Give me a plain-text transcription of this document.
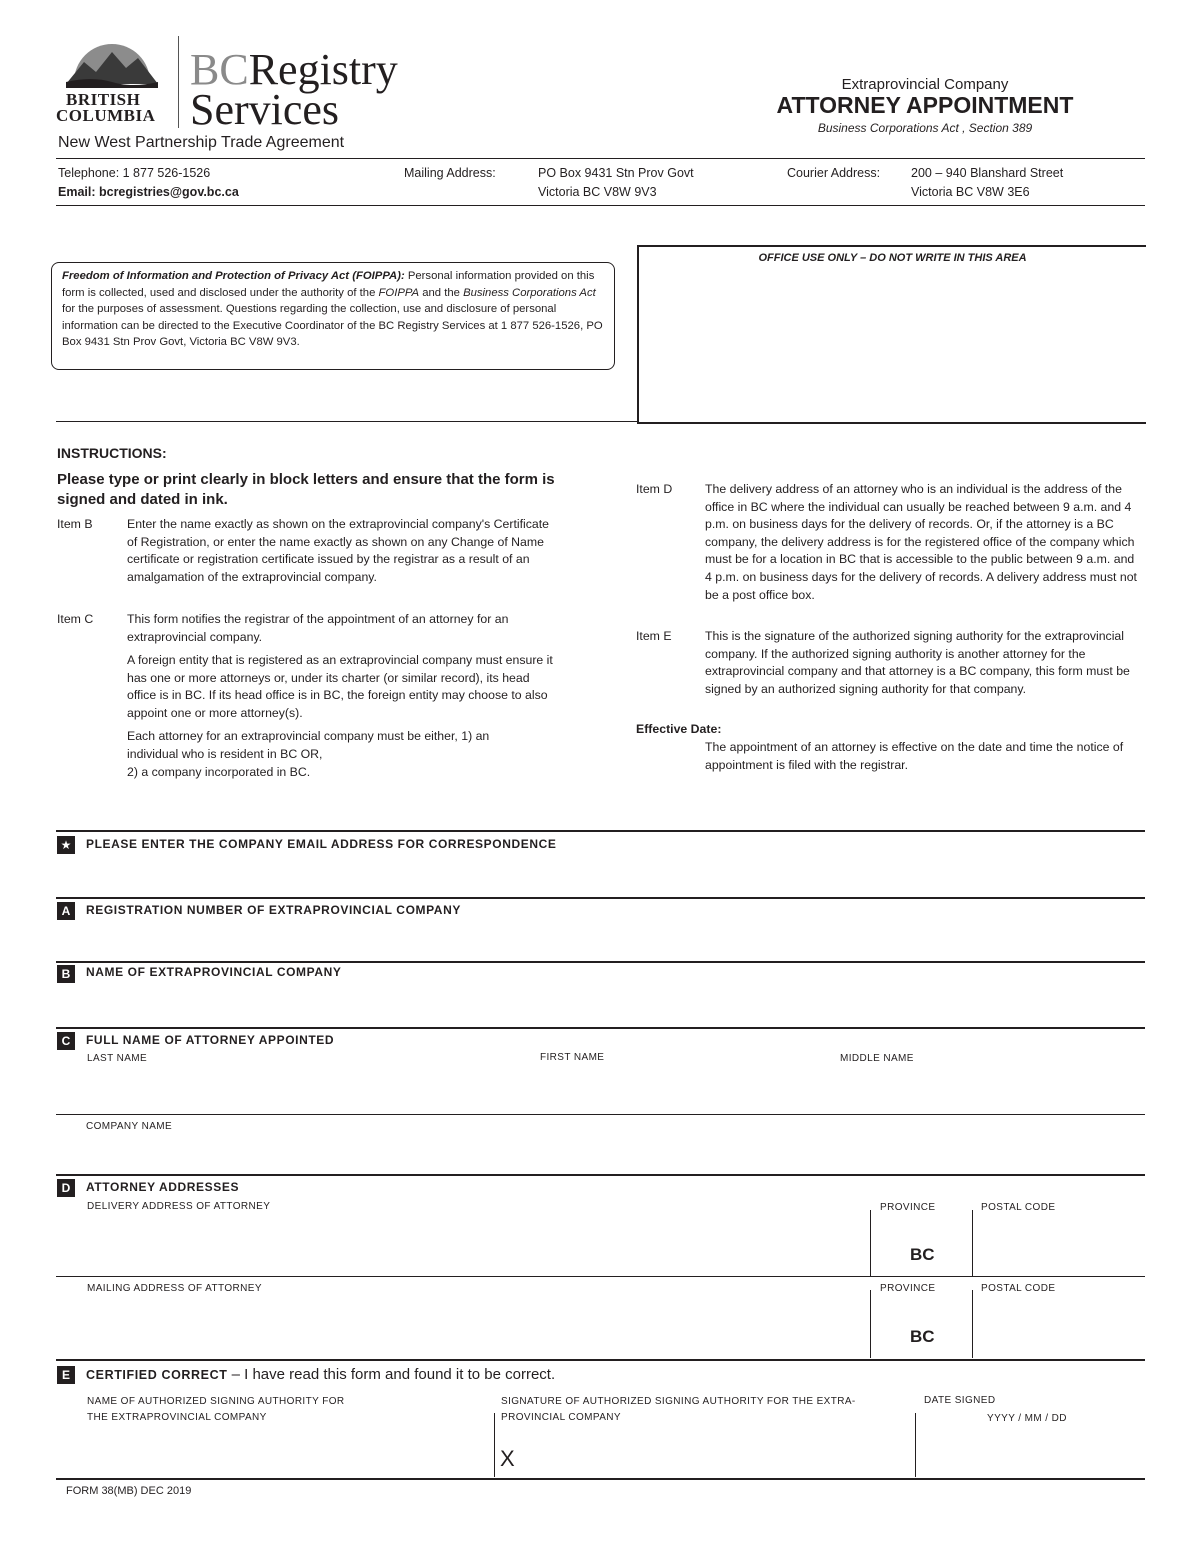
BRITISH
COLUMBIA
BCRegistry
Services
New West Partnership Trade Agreement
Extraprovincial Company
ATTORNEY APPOINTMENT
Business Corporations Act , Section 389
Telephone: 1 877 526-1526
Email: bcregistries@gov.bc.ca
Mailing Address:	PO Box 9431 Stn Prov Govt
Victoria BC V8W 9V3
Courier Address: 200 – 940 Blanshard Street
Victoria BC V8W 3E6
Freedom of Information and Protection of Privacy Act (FOIPPA): Personal information provided on this form is collected, used and disclosed under the authority of the FOIPPA and the Business Corporations Act for the purposes of assessment. Questions regarding the collection, use and disclosure of personal information can be directed to the Executive Coordinator of the BC Registry Services at 1 877 526-1526, PO Box 9431 Stn Prov Govt, Victoria BC V8W 9V3.
OFFICE USE ONLY – DO NOT WRITE IN THIS AREA
INSTRUCTIONS:
Please type or print clearly in block letters and ensure that the form is signed and dated in ink.
Item B	Enter the name exactly as shown on the extraprovincial company's Certificate of Registration, or enter the name exactly as shown on any Change of Name certificate or registration certificate issued by the registrar as a result of an amalgamation of the extraprovincial company.
Item C	This form notifies the registrar of the appointment of an attorney for an extraprovincial company.
A foreign entity that is registered as an extraprovincial company must ensure it has one or more attorneys or, under its charter (or similar record), its head office is in BC. If its head office is in BC, the foreign entity may choose to also appoint one or more attorney(s).
Each attorney for an extraprovincial company must be either, 1) an individual who is resident in BC OR,
2) a company incorporated in BC.
Item D	The delivery address of an attorney who is an individual is the address of the office in BC where the individual can usually be reached between 9 a.m. and 4 p.m. on business days for the delivery of records. Or, if the attorney is a BC company, the delivery address is for the registered office of the company which must be for a location in BC that is accessible to the public between 9 a.m. and 4 p.m. on business days for the delivery of records. A delivery address must not be a post office box.
Item E	This is the signature of the authorized signing authority for the extraprovincial company. If the authorized signing authority is another attorney for the extraprovincial company and that attorney is a BC company, this form must be signed by an authorized signing authority for that company.
Effective Date:
The appointment of an attorney is effective on the date and time the notice of appointment is filed with the registrar.
★	PLEASE ENTER THE COMPANY EMAIL ADDRESS FOR CORRESPONDENCE
A	REGISTRATION NUMBER OF EXTRAPROVINCIAL COMPANY
B	NAME OF EXTRAPROVINCIAL COMPANY
C	FULL NAME OF ATTORNEY APPOINTED
LAST NAME	FIRST NAME	MIDDLE NAME
COMPANY NAME
D	ATTORNEY ADDRESSES
DELIVERY ADDRESS OF ATTORNEY	PROVINCE
BC
POSTAL CODE
MAILING ADDRESS OF ATTORNEY	PROVINCE
BC
POSTAL CODE
E	CERTIFIED CORRECT – I have read this form and found it to be correct.
NAME OF AUTHORIZED SIGNING AUTHORITY FOR
THE EXTRAPROVINCIAL COMPANY
SIGNATURE OF AUTHORIZED SIGNING AUTHORITY FOR THE EXTRA-
PROVINCIAL COMPANY
X
DATE SIGNED
YYYY / MM / DD
FORM 38(MB) DEC 2019
